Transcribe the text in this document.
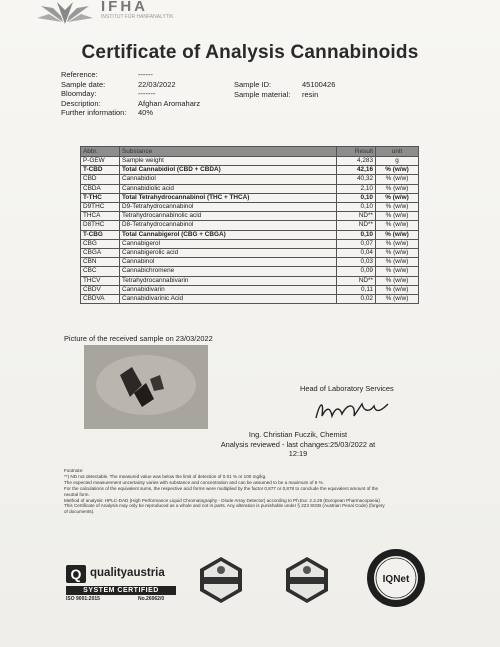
IFHA
INSTITUT FÜR HANFANALYTIK
Certificate of Analysis Cannabinoids
Reference:	------
Sample date:	22/03/2022
Bloomday:	-------
Description:	Afghan Aromaharz
Further information:	40%
Sample ID:	45100426
Sample material:	resin
Abbr.	Substance	Result	unit
P-GEW	Sample weight	4,283	g
T-CBD	Total Cannabidiol (CBD + CBDA)	42,16	% (w/w)
CBD	Cannabidiol	40,32	% (w/w)
CBDA	Cannabidiolic acid	2,10	% (w/w)
T-THC	Total Tetrahydrocannabinol (THC + THCA)	0,10	% (w/w)
D9THC	D9-Tetrahydrocannabinol	0,10	% (w/w)
THCA	Tetrahydrocannabinolic acid	ND**	% (w/w)
D8THC	D8-Tetrahydrocannabinol	ND**	% (w/w)
T-CBG	Total Cannabigerol (CBG + CBGA)	0,10	% (w/w)
CBG	Cannabigerol	0,07	% (w/w)
CBGA	Cannabigerolic acid	0,04	% (w/w)
CBN	Cannabinol	0,03	% (w/w)
CBC	Cannabichromene	0,09	% (w/w)
THCV	Tetrahydrocannabivarin	ND**	% (w/w)
CBDV	Cannabidivarin	0,11	% (w/w)
CBDVA	Cannabidivarinic Acid	0,02	% (w/w)
Picture of the received sample on 23/03/2022
Head of Laboratory Services
Ing. Christian Fuczik, Chemist
Analysis reviewed - last changes:25/03/2022 at
12:19
Footnote:
**) ND not detectable. The measured value was below the limit of detection of 0.01 % or 100 mg/kg.
The expected measurement uncertainty varies with substance and concentration and can be assumed to be a maximum of 5 %.
For the calculations of the equivalent sums, the respective acid forms were multiplied by the factor 0,877 or 0,878 to conclude the equivalent amount of the
neutral form.
Method of analysis: HPLC-DAD (High Performance Liquid Chromatography - Diode Array Detector) according to Ph.Eur. 2.2.29 (European Pharmacopoeia)
This Certificate of Analysis may only be reproduced as a whole and not in parts. Any alteration is punishable under § 223 StGB (Austrian Penal Code) (forgery
of documents).
Q qualityaustria
SYSTEM CERTIFIED
ISO 9001:2015	No.26062/0
IQNet
